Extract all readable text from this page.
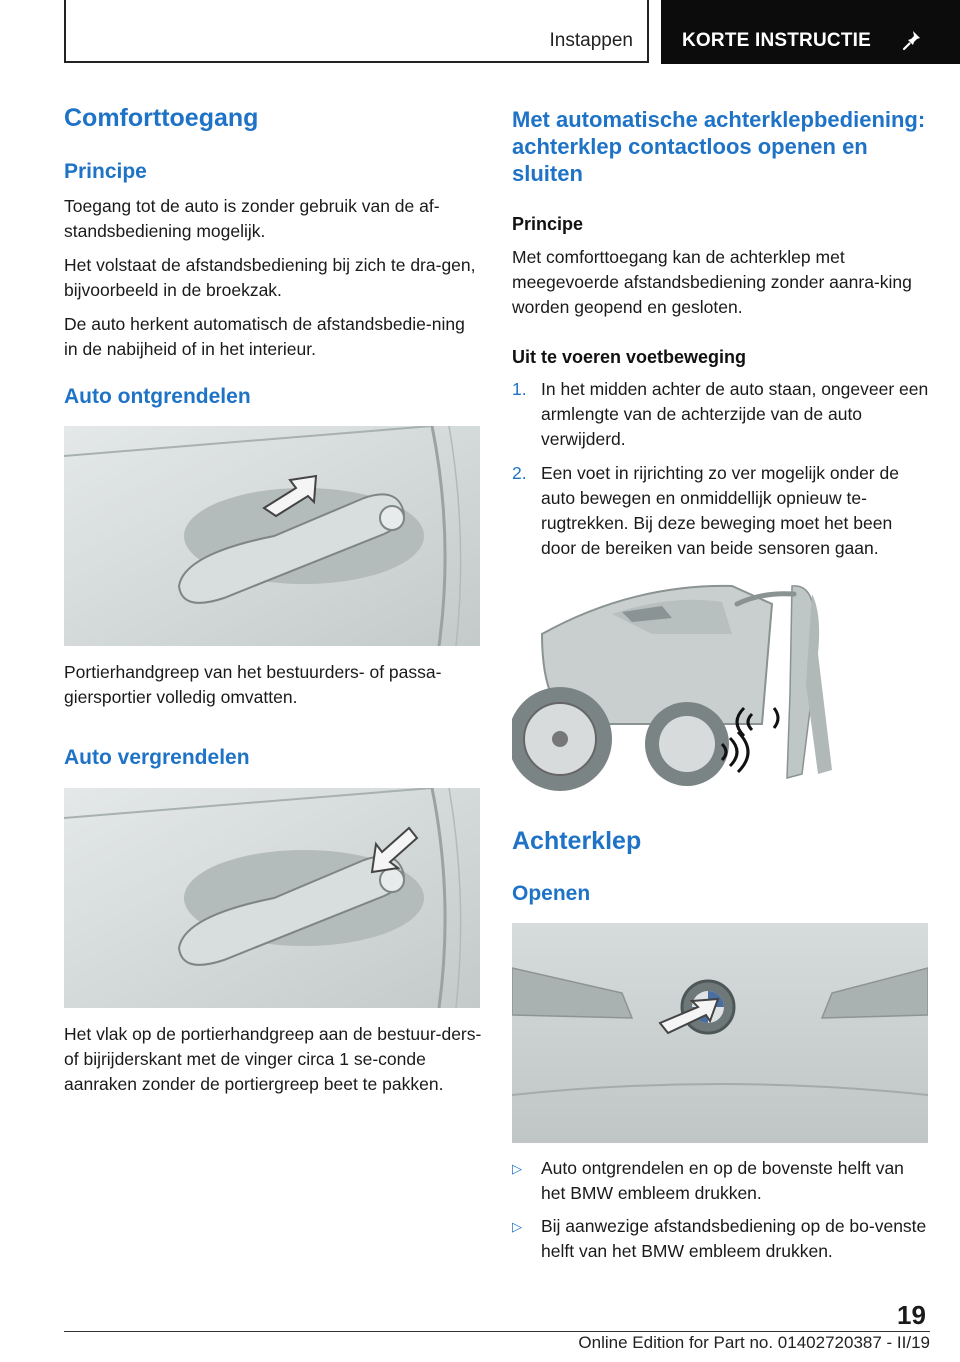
Instappen	KORTE INSTRUCTIE
Comforttoegang
Principe
Toegang tot de auto is zonder gebruik van de af-standsbediening mogelijk.
Het volstaat de afstandsbediening bij zich te dra-gen, bijvoorbeeld in de broekzak.
De auto herkent automatisch de afstandsbedie-ning in de nabijheid of in het interieur.
Auto ontgrendelen
Portierhandgreep van het bestuurders- of passa-giersportier volledig omvatten.
Auto vergrendelen
Het vlak op de portierhandgreep aan de bestuur-ders- of bijrijderskant met de vinger circa 1 se-conde aanraken zonder de portiergreep beet te pakken.
Met automatische achterklepbediening: achterklep contactloos openen en sluiten
Principe
Met comforttoegang kan de achterklep met meegevoerde afstandsbediening zonder aanra-king worden geopend en gesloten.
Uit te voeren voetbeweging
1. In het midden achter de auto staan, ongeveer een armlengte van de achterzijde van de auto verwijderd.
2. Een voet in rijrichting zo ver mogelijk onder de auto bewegen en onmiddellijk opnieuw te-rugtrekken. Bij deze beweging moet het been door de bereiken van beide sensoren gaan.
Achterklep
Openen
▷ Auto ontgrendelen en op de bovenste helft van het BMW embleem drukken.
▷ Bij aanwezige afstandsbediening op de bo-venste helft van het BMW embleem drukken.
19
Online Edition for Part no. 01402720387 - II/19
